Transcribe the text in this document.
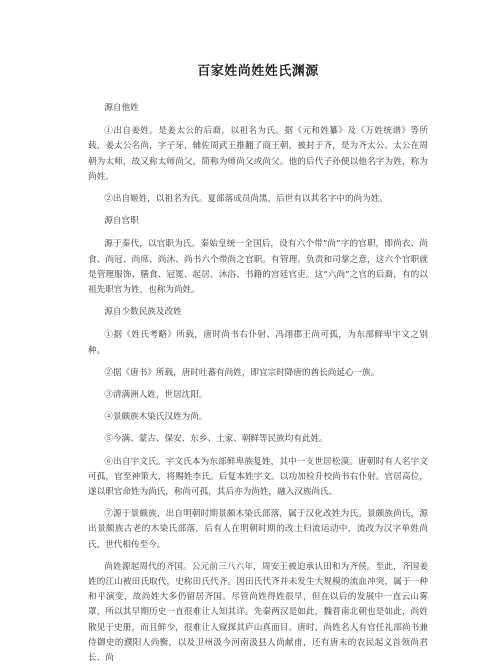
百家姓尚姓姓氏渊源

源自他姓

①出自姜姓。是姜太公的后裔，以祖名为氏。据《元和姓纂》及《万姓统谱》等所载，姜太公名尚，字子牙，辅佐周武王推翻了商王朝，被封于齐，是为齐太公。太公在周朝为太师，故又称太师尚父，简称为师尚父或尚父。他的后代子孙便以他名字为姓，称为尚姓。

②出自姬姓，以祖名为氏。夏部落成员尚黑，后世有以其名字中的尚为姓。

源自官职

源于秦代，以官职为氏。秦始皇统一全国后，设有六个带“尚”字的官职，即尚衣、尚食、尚冠、尚席、尚沐、尚书六个带尚之官职。有管理、负责和司掌之意，这六个官职就是管理服饰、膳食、冠冕、起居、沐浴、书籍的宫廷官吏。这“六尚”之官的后裔，有的以祖先职官为姓，也称为尚姓。

源自少数民族及改姓

①据《姓氏考略》所载，唐时尚书右仆射、冯翊郡王尚可孤，为东部鲜卑宇文之别种。

②据《唐书》所载，唐时吐蕃有尚姓，即宜宗时降唐的酋长尚延心一族。

③清满洲人姓，世居沈阳。

④景颇族木染氏汉姓为尚。

⑤今满、蒙古、保安、东乡、土家、朝鲜等民族均有此姓。

⑥出自宇文氏。宇文氏本为东部鲜卑族复姓，其中一支世居松漠。唐朝时有人名宇文可孤，官至神策大，将赐姓李氏。后复本姓宇文。以功加检升校尚书右仆射。官居高位，遂以职官命姓为尚氏，称尚可孤，其后亦为尚姓，融入汉族尚氏。

⑦源于景颇族，出自明朝时期景颇木染氏部落，属于汉化改姓为氏。景颇族尚氏，源出景颇族古老的木染氏部落，后有人在明朝时期的改土归流运动中，流改为汉字单姓尚氏，世代相传至今。

尚姓源起周代的齐国。公元前三八六年，周安王被迫承认田和为齐侯。至此，齐国姜姓的江山被田氏取代，史称田氏代齐。因田氏代齐并未发生大规模的流血冲突，属于一种和平演变，故尚姓大多仍留居齐国。尽管尚姓得姓很早，但在以后的发展中一直云山雾罩，所以其早期历史一直很难让人知其详。先秦两汉是如此，魏晋南北朝也是如此，尚姓散见于史册，而且鲜少，很难让人窥探其庐山真面目。唐时，尚姓名人有官任礼部尚书兼侍御史的濮阳人尚衡，以及卫州汲今河南汲县人尚献甫，还有唐末的农民起义首领尚君长、尚
